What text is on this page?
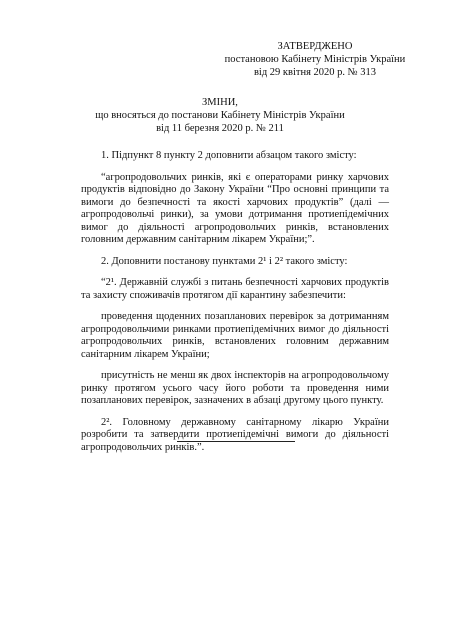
ЗАТВЕРДЖЕНО
постановою Кабінету Міністрів України
від 29 квітня 2020 р. № 313
ЗМІНИ,
що вносяться до постанови Кабінету Міністрів України
від 11 березня 2020 р. № 211

1. Підпункт 8 пункту 2 доповнити абзацом такого змісту:

“агропродовольчих ринків, які є операторами ринку харчових продуктів відповідно до Закону України “Про основні принципи та вимоги до безпечності та якості харчових продуктів” (далі — агропродовольчі ринки), за умови дотримання протиепідемічних вимог до діяльності агропродовольчих ринків, встановлених головним державним санітарним лікарем України;”.

2. Доповнити постанову пунктами 2¹ і 2² такого змісту:

“2¹. Державній службі з питань безпечності харчових продуктів та захисту споживачів протягом дії карантину забезпечити:

проведення щоденних позапланових перевірок за дотриманням агропродовольчими ринками протиепідемічних вимог до діяльності агропродовольчих ринків, встановлених головним державним санітарним лікарем України;

присутність не менш як двох інспекторів на агропродовольчому ринку протягом усього часу його роботи та проведення ними позапланових перевірок, зазначених в абзаці другому цього пункту.

2². Головному державному санітарному лікарю України розробити та затвердити протиепідемічні вимоги до діяльності агропродовольчих ринків.”.
